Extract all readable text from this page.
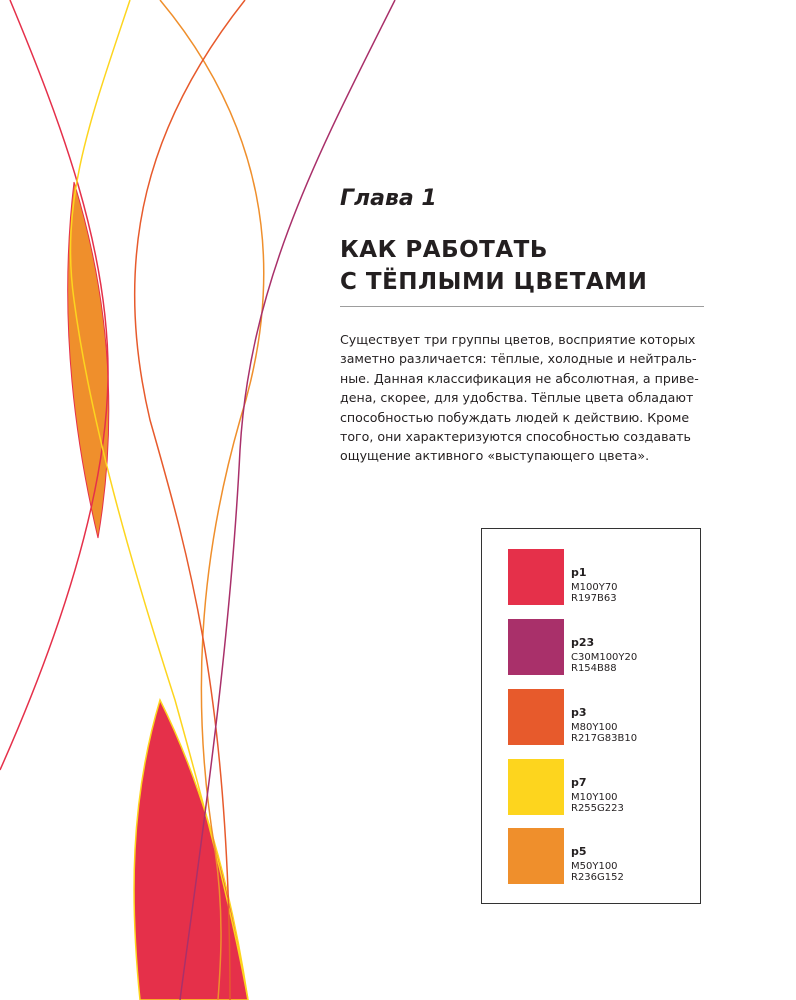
Глава 1
КАК РАБОТАТЬ
С ТЁПЛЫМИ ЦВЕТАМИ
Существует три группы цветов, восприятие которых
заметно различается: тёплые, холодные и нейтраль-
ные. Данная классификация не абсолютная, а приве-
дена, скорее, для удобства. Тёплые цвета обладают
способностью побуждать людей к действию. Кроме
того, они характеризуются способностью создавать
ощущение активного «выступающего цвета».
p1
M100Y70
R197B63
p23
C30M100Y20
R154B88
p3
M80Y100
R217G83B10
p7
M10Y100
R255G223
p5
M50Y100
R236G152
